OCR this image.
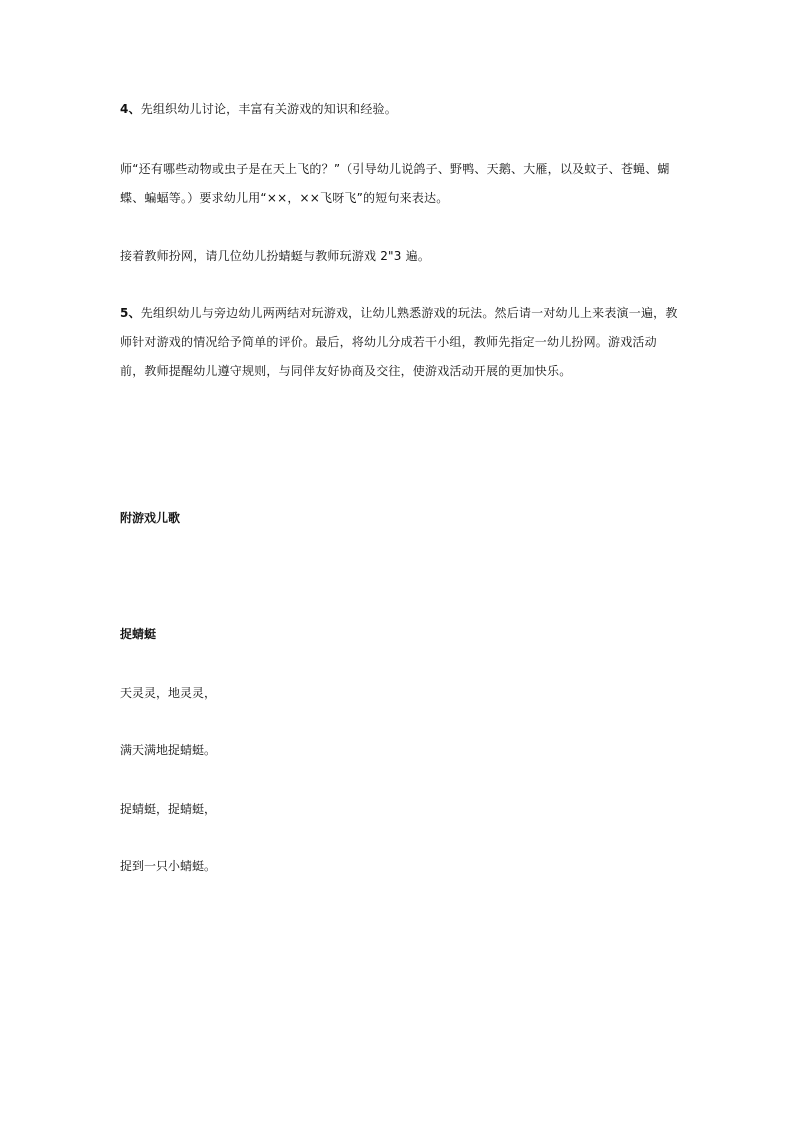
4、先组织幼儿讨论，丰富有关游戏的知识和经验。

师“还有哪些动物或虫子是在天上飞的？”（引导幼儿说鸽子、野鸭、天鹅、大雁，以及蚊子、苍蝇、蝴蝶、蝙蝠等。）要求幼儿用“××，××飞呀飞”的短句来表达。

接着教师扮网，请几位幼儿扮蜻蜓与教师玩游戏 2"3 遍。

5、先组织幼儿与旁边幼儿两两结对玩游戏，让幼儿熟悉游戏的玩法。然后请一对幼儿上来表演一遍，教师针对游戏的情况给予简单的评价。最后，将幼儿分成若干小组，教师先指定一幼儿扮网。游戏活动前，教师提醒幼儿遵守规则，与同伴友好协商及交往，使游戏活动开展的更加快乐。

附游戏儿歌
捉蜻蜓

天灵灵，地灵灵，

满天满地捉蜻蜓。

捉蜻蜓，捉蜻蜓，

捉到一只小蜻蜓。
